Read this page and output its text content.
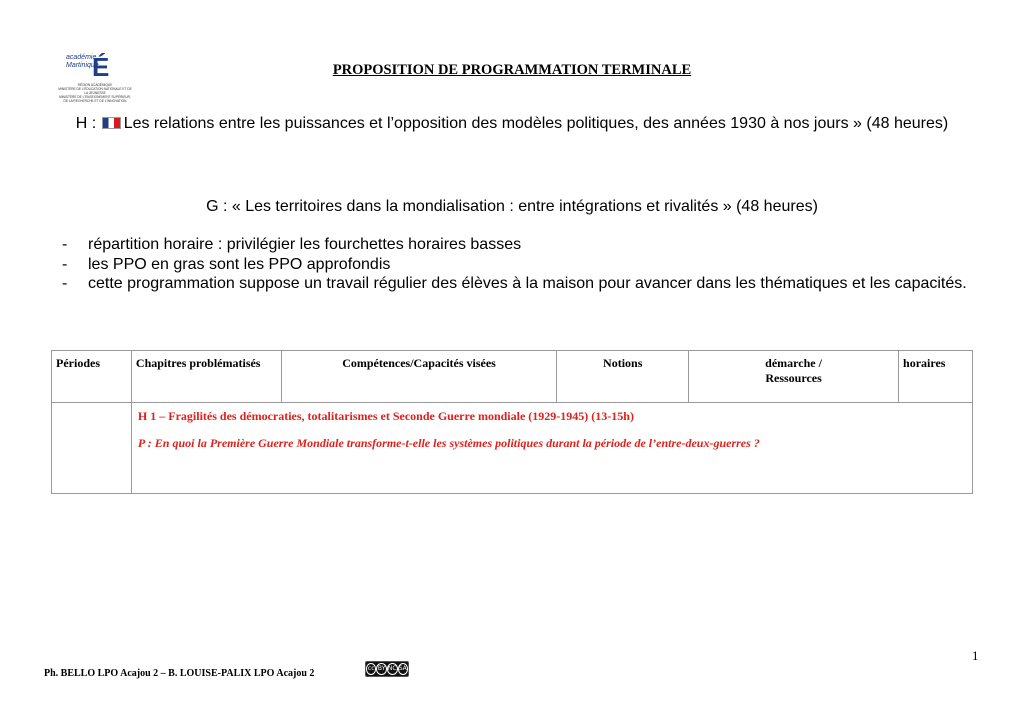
académie
Martinique
É
RÉGION ACADÉMIQUE
MINISTÈRE DE L'ÉDUCATION NATIONALE ET DE LA JEUNESSE
MINISTÈRE DE L'ENSEIGNEMENT SUPÉRIEUR, DE LA RECHERCHE ET DE L'INNOVATION
PROPOSITION DE PROGRAMMATION TERMINALE
H : Les relations entre les puissances et l’opposition des modèles politiques, des années 1930 à nos jours » (48 heures)
G : « Les territoires dans la mondialisation : entre intégrations et rivalités » (48 heures)
- répartition horaire : privilégier les fourchettes horaires basses
- les PPO en gras sont les PPO approfondis
- cette programmation suppose un travail régulier des élèves à la maison pour avancer dans les thématiques et les capacités.
Périodes	Chapitres problématisés	Compétences/Capacités visées	Notions	démarche / Ressources	horaires
	H 1 – Fragilités des démocraties, totalitarismes et Seconde Guerre mondiale (1929-1945) (13-15h)
P : En quoi la Première Guerre Mondiale transforme-t-elle les systèmes politiques durant la période de l’entre-deux-guerres ?				
1
Ph. BELLO LPO Acajou 2 – B. LOUISE-PALIX LPO Acajou 2	cc BY NC SA
